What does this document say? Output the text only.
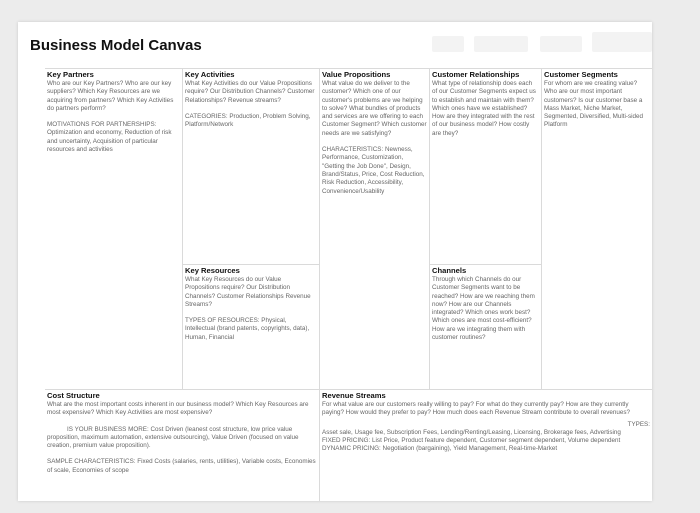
Business Model Canvas
Key Partners

Who are our Key Partners? Who are our key suppliers? Which Key Resources are we acquiring from partners? Which Key Activities do partners perform?

MOTIVATIONS FOR PARTNERSHIPS: Optimization and economy, Reduction of risk and uncertainty, Acquisition of particular resources and activities

Key Activities

What Key Activities do our Value Propositions require? Our Distribution Channels? Customer Relationships? Revenue streams?

CATEGORIES: Production, Problem Solving, Platform/Network

Key Resources

What Key Resources do our Value Propositions require? Our Distribution Channels? Customer Relationships Revenue Streams?

TYPES OF RESOURCES: Physical, Intellectual (brand patents, copyrights, data), Human, Financial

Value Propositions

What value do we deliver to the customer? Which one of our customer's problems are we helping to solve? What bundles of products and services are we offering to each Customer Segment? Which customer needs are we satisfying?

CHARACTERISTICS: Newness, Performance, Customization, "Getting the Job Done", Design, Brand/Status, Price, Cost Reduction, Risk Reduction, Accessibility, Convenience/Usability

Customer Relationships

What type of relationship does each of our Customer Segments expect us to establish and maintain with them? Which ones have we established? How are they integrated with the rest of our business model? How costly are they?

Channels

Through which Channels do our Customer Segments want to be reached? How are we reaching them now? How are our Channels integrated? Which ones work best? Which ones are most cost-efficient? How are we integrating them with customer routines?

Customer Segments

For whom are we creating value? Who are our most important customers? Is our customer base a Mass Market, Niche Market, Segmented, Diversified, Multi-sided Platform

Cost Structure

What are the most important costs inherent in our business model? Which Key Resources are most expensive? Which Key Activities are most expensive?

IS YOUR BUSINESS MORE: Cost Driven (leanest cost structure, low price value proposition, maximum automation, extensive outsourcing), Value Driven (focused on value creation, premium value proposition).

SAMPLE CHARACTERISTICS: Fixed Costs (salaries, rents, utilities), Variable costs, Economies of scale, Economies of scope

Revenue Streams

For what value are our customers really willing to pay? For what do they currently pay? How are they currently paying? How would they prefer to pay? How much does each Revenue Stream contribute to overall revenues?

TYPES:

Asset sale, Usage fee, Subscription Fees, Lending/Renting/Leasing, Licensing, Brokerage fees, Advertising

FIXED PRICING: List Price, Product feature dependent, Customer segment dependent, Volume dependent

DYNAMIC PRICING: Negotiation (bargaining), Yield Management, Real-time-Market
